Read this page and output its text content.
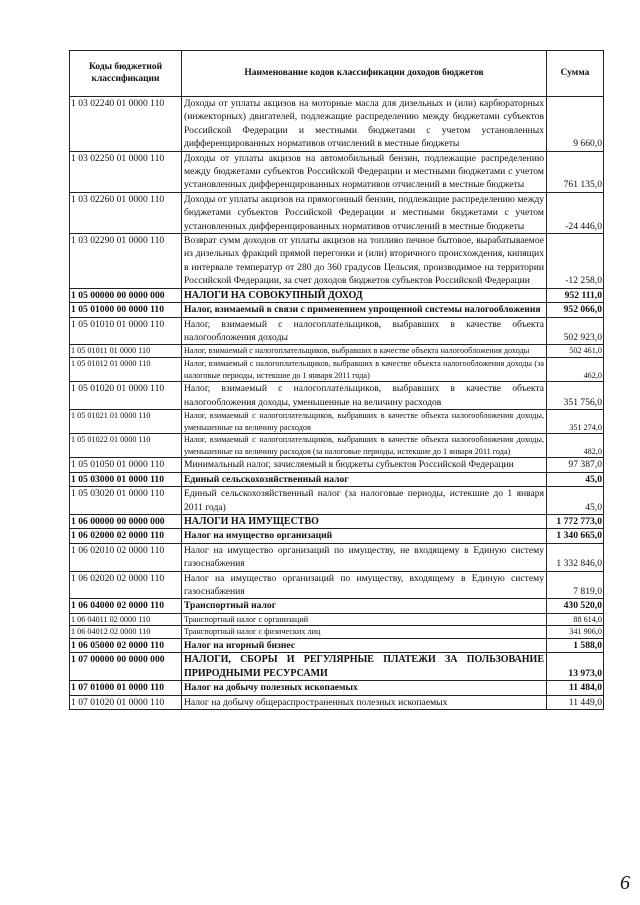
Коды бюджетной классификации	Наименование кодов классификации доходов бюджетов	Сумма
1 03 02240 01 0000 110	Доходы от уплаты акцизов на моторные масла для дизельных и (или) карбюраторных (инжекторных) двигателей, подлежащие распределению между бюджетами субъектов Российской Федерации и местными бюджетами с учетом установленных дифференцированных нормативов отчислений в местные бюджеты	9 660,0
1 03 02250 01 0000 110	Доходы от уплаты акцизов на автомобильный бензин, подлежащие распределению между бюджетами субъектов Российской Федерации и местными бюджетами с учетом установленных дифференцированных нормативов отчислений в местные бюджеты	761 135,0
1 03 02260 01 0000 110	Доходы от уплаты акцизов на прямогонный бензин, подлежащие распределению между бюджетами субъектов Российской Федерации и местными бюджетами с учетом установленных дифференцированных нормативов отчислений в местные бюджеты	-24 446,0
1 03 02290 01 0000 110	Возврат сумм доходов от уплаты акцизов на топливо печное бытовое, вырабатываемое из дизельных фракций прямой перегонки и (или) вторичного происхождения, кипящих в интервале температур от 280 до 360 градусов Цельсия, производимое на территории Российской Федерации, за счет доходов бюджетов субъектов Российской Федерации	-12 258,0
1 05 00000 00 0000 000	НАЛОГИ НА СОВОКУПНЫЙ ДОХОД	952 111,0
1 05 01000 00 0000 110	Налог, взимаемый в связи с применением упрощенной системы налогообложения	952 066,0
1 05 01010 01 0000 110	Налог, взимаемый с налогоплательщиков, выбравших в качестве объекта налогообложения доходы	502 923,0
1 05 01011 01 0000 110	Налог, взимаемый с налогоплательщиков, выбравших в качестве объекта налогообложения доходы	502 461,0
1 05 01012 01 0000 110	Налог, взимаемый с налогоплательщиков, выбравших в качестве объекта налогообложения доходы (за налоговые периоды, истекшие до 1 января 2011 года)	462,0
1 05 01020 01 0000 110	Налог, взимаемый с налогоплательщиков, выбравших в качестве объекта налогообложения доходы, уменьшенные на величину расходов	351 756,0
1 05 01021 01 0000 110	Налог, взимаемый с налогоплательщиков, выбравших в качестве объекта налогообложения доходы, уменьшенные на величину расходов	351 274,0
1 05 01022 01 0000 110	Налог, взимаемый с налогоплательщиков, выбравших в качестве объекта налогообложения доходы, уменьшенные на величину расходов (за налоговые периоды, истекшие до 1 января 2011 года)	482,0
1 05 01050 01 0000 110	Минимальный налог, зачисляемый в бюджеты субъектов Российской Федерации	97 387,0
1 05 03000 01 0000 110	Единый сельскохозяйственный налог	45,0
1 05 03020 01 0000 110	Единый сельскохозяйственный налог (за налоговые периоды, истекшие до 1 января 2011 года)	45,0
1 06 00000 00 0000 000	НАЛОГИ НА ИМУЩЕСТВО	1 772 773,0
1 06 02000 02 0000 110	Налог на имущество организаций	1 340 665,0
1 06 02010 02 0000 110	Налог на имущество организаций по имуществу, не входящему в Единую систему газоснабжения	1 332 846,0
1 06 02020 02 0000 110	Налог на имущество организаций по имуществу, входящему в Единую систему газоснабжения	7 819,0
1 06 04000 02 0000 110	Транспортный налог	430 520,0
1 06 04011 02 0000 110	Транспортный налог с организаций	88 614,0
1 06 04012 02 0000 110	Транспортный налог с физических лиц	341 906,0
1 06 05000 02 0000 110	Налог на игорный бизнес	1 588,0
1 07 00000 00 0000 000	НАЛОГИ, СБОРЫ И РЕГУЛЯРНЫЕ ПЛАТЕЖИ ЗА ПОЛЬЗОВАНИЕ ПРИРОДНЫМИ РЕСУРСАМИ	13 973,0
1 07 01000 01 0000 110	Налог на добычу полезных ископаемых	11 484,0
1 07 01020 01 0000 110	Налог на добычу общераспространенных полезных ископаемых	11 449,0
6
